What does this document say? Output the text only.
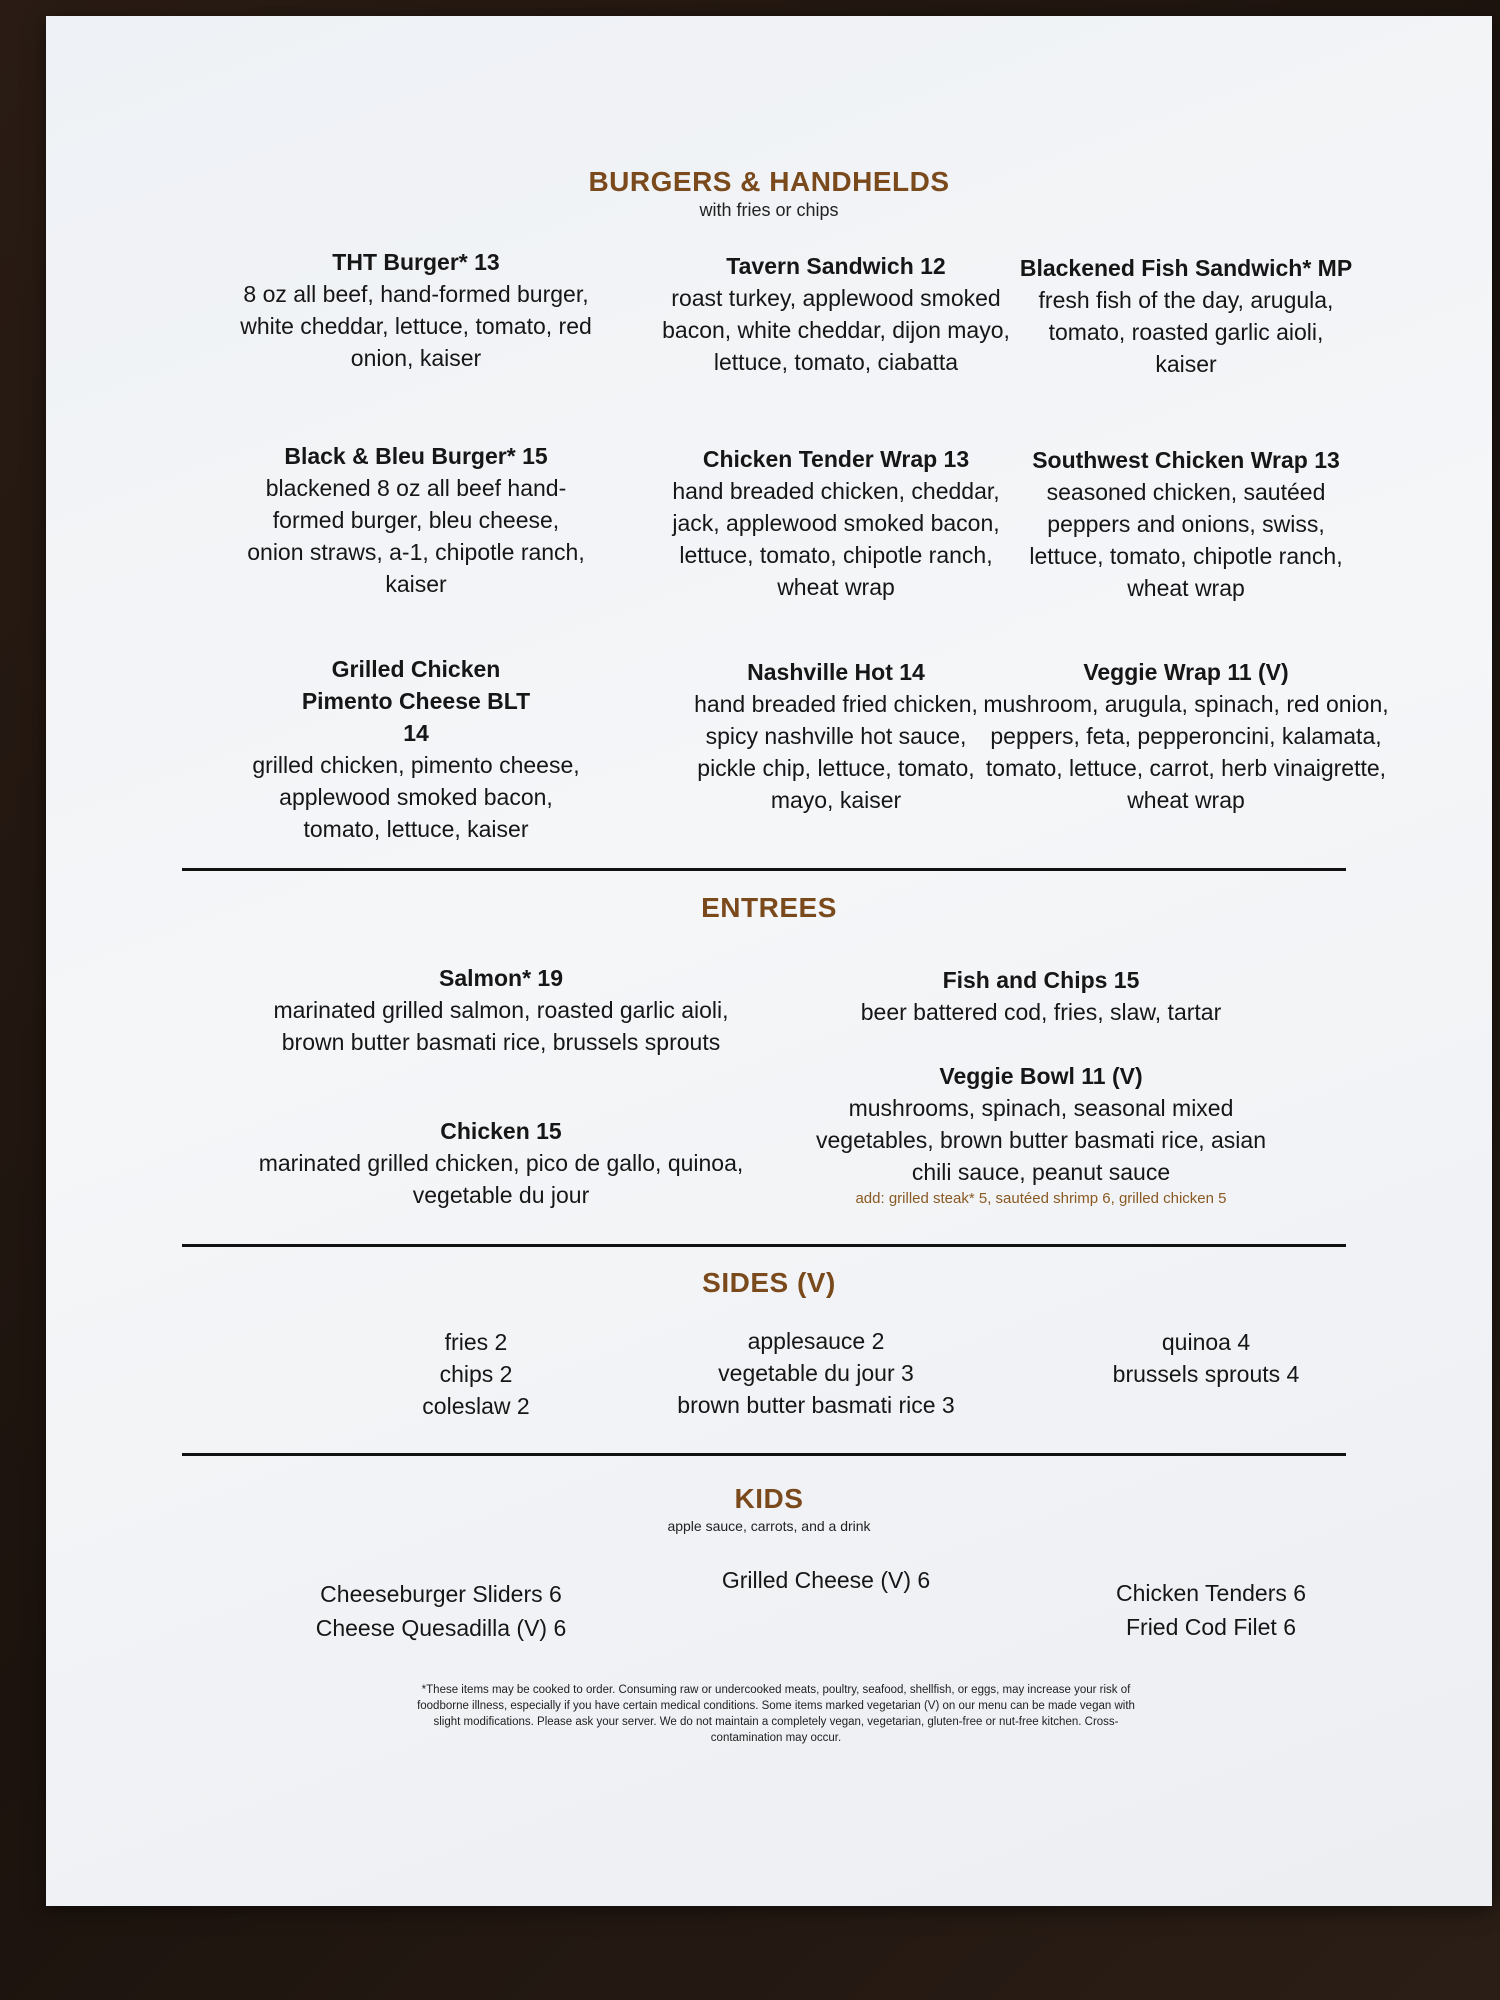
BURGERS & HANDHELDS
with fries or chips
THT Burger* 13
8 oz all beef, hand-formed burger, white cheddar, lettuce, tomato, red onion, kaiser
Tavern Sandwich 12
roast turkey, applewood smoked bacon, white cheddar, dijon mayo, lettuce, tomato, ciabatta
Blackened Fish Sandwich* MP
fresh fish of the day, arugula, tomato, roasted garlic aioli, kaiser
Black & Bleu Burger* 15
blackened 8 oz all beef hand-formed burger, bleu cheese, onion straws, a-1, chipotle ranch, kaiser
Chicken Tender Wrap 13
hand breaded chicken, cheddar, jack, applewood smoked bacon, lettuce, tomato, chipotle ranch, wheat wrap
Southwest Chicken Wrap 13
seasoned chicken, sautéed peppers and onions, swiss, lettuce, tomato, chipotle ranch, wheat wrap
Grilled Chicken Pimento Cheese BLT 14
grilled chicken, pimento cheese, applewood smoked bacon, tomato, lettuce, kaiser
Nashville Hot 14
hand breaded fried chicken, spicy nashville hot sauce, pickle chip, lettuce, tomato, mayo, kaiser
Veggie Wrap 11 (V)
mushroom, arugula, spinach, red onion, peppers, feta, pepperoncini, kalamata, tomato, lettuce, carrot, herb vinaigrette, wheat wrap
ENTREES
Salmon* 19
marinated grilled salmon, roasted garlic aioli, brown butter basmati rice, brussels sprouts
Chicken 15
marinated grilled chicken, pico de gallo, quinoa, vegetable du jour
Fish and Chips 15
beer battered cod, fries, slaw, tartar
Veggie Bowl 11 (V)
mushrooms, spinach, seasonal mixed vegetables, brown butter basmati rice, asian chili sauce, peanut sauce
add: grilled steak* 5, sautéed shrimp 6, grilled chicken 5
SIDES (V)
fries 2
chips 2
coleslaw 2
applesauce 2
vegetable du jour 3
brown butter basmati rice 3
quinoa 4
brussels sprouts 4
KIDS
apple sauce, carrots, and a drink
Cheeseburger Sliders 6
Cheese Quesadilla (V) 6
Grilled Cheese (V) 6	Chicken Tenders 6
Fried Cod Filet 6
*These items may be cooked to order. Consuming raw or undercooked meats, poultry, seafood, shellfish, or eggs, may increase your risk of foodborne illness, especially if you have certain medical conditions. Some items marked vegetarian (V) on our menu can be made vegan with slight modifications. Please ask your server. We do not maintain a completely vegan, vegetarian, gluten-free or nut-free kitchen. Cross-contamination may occur.
